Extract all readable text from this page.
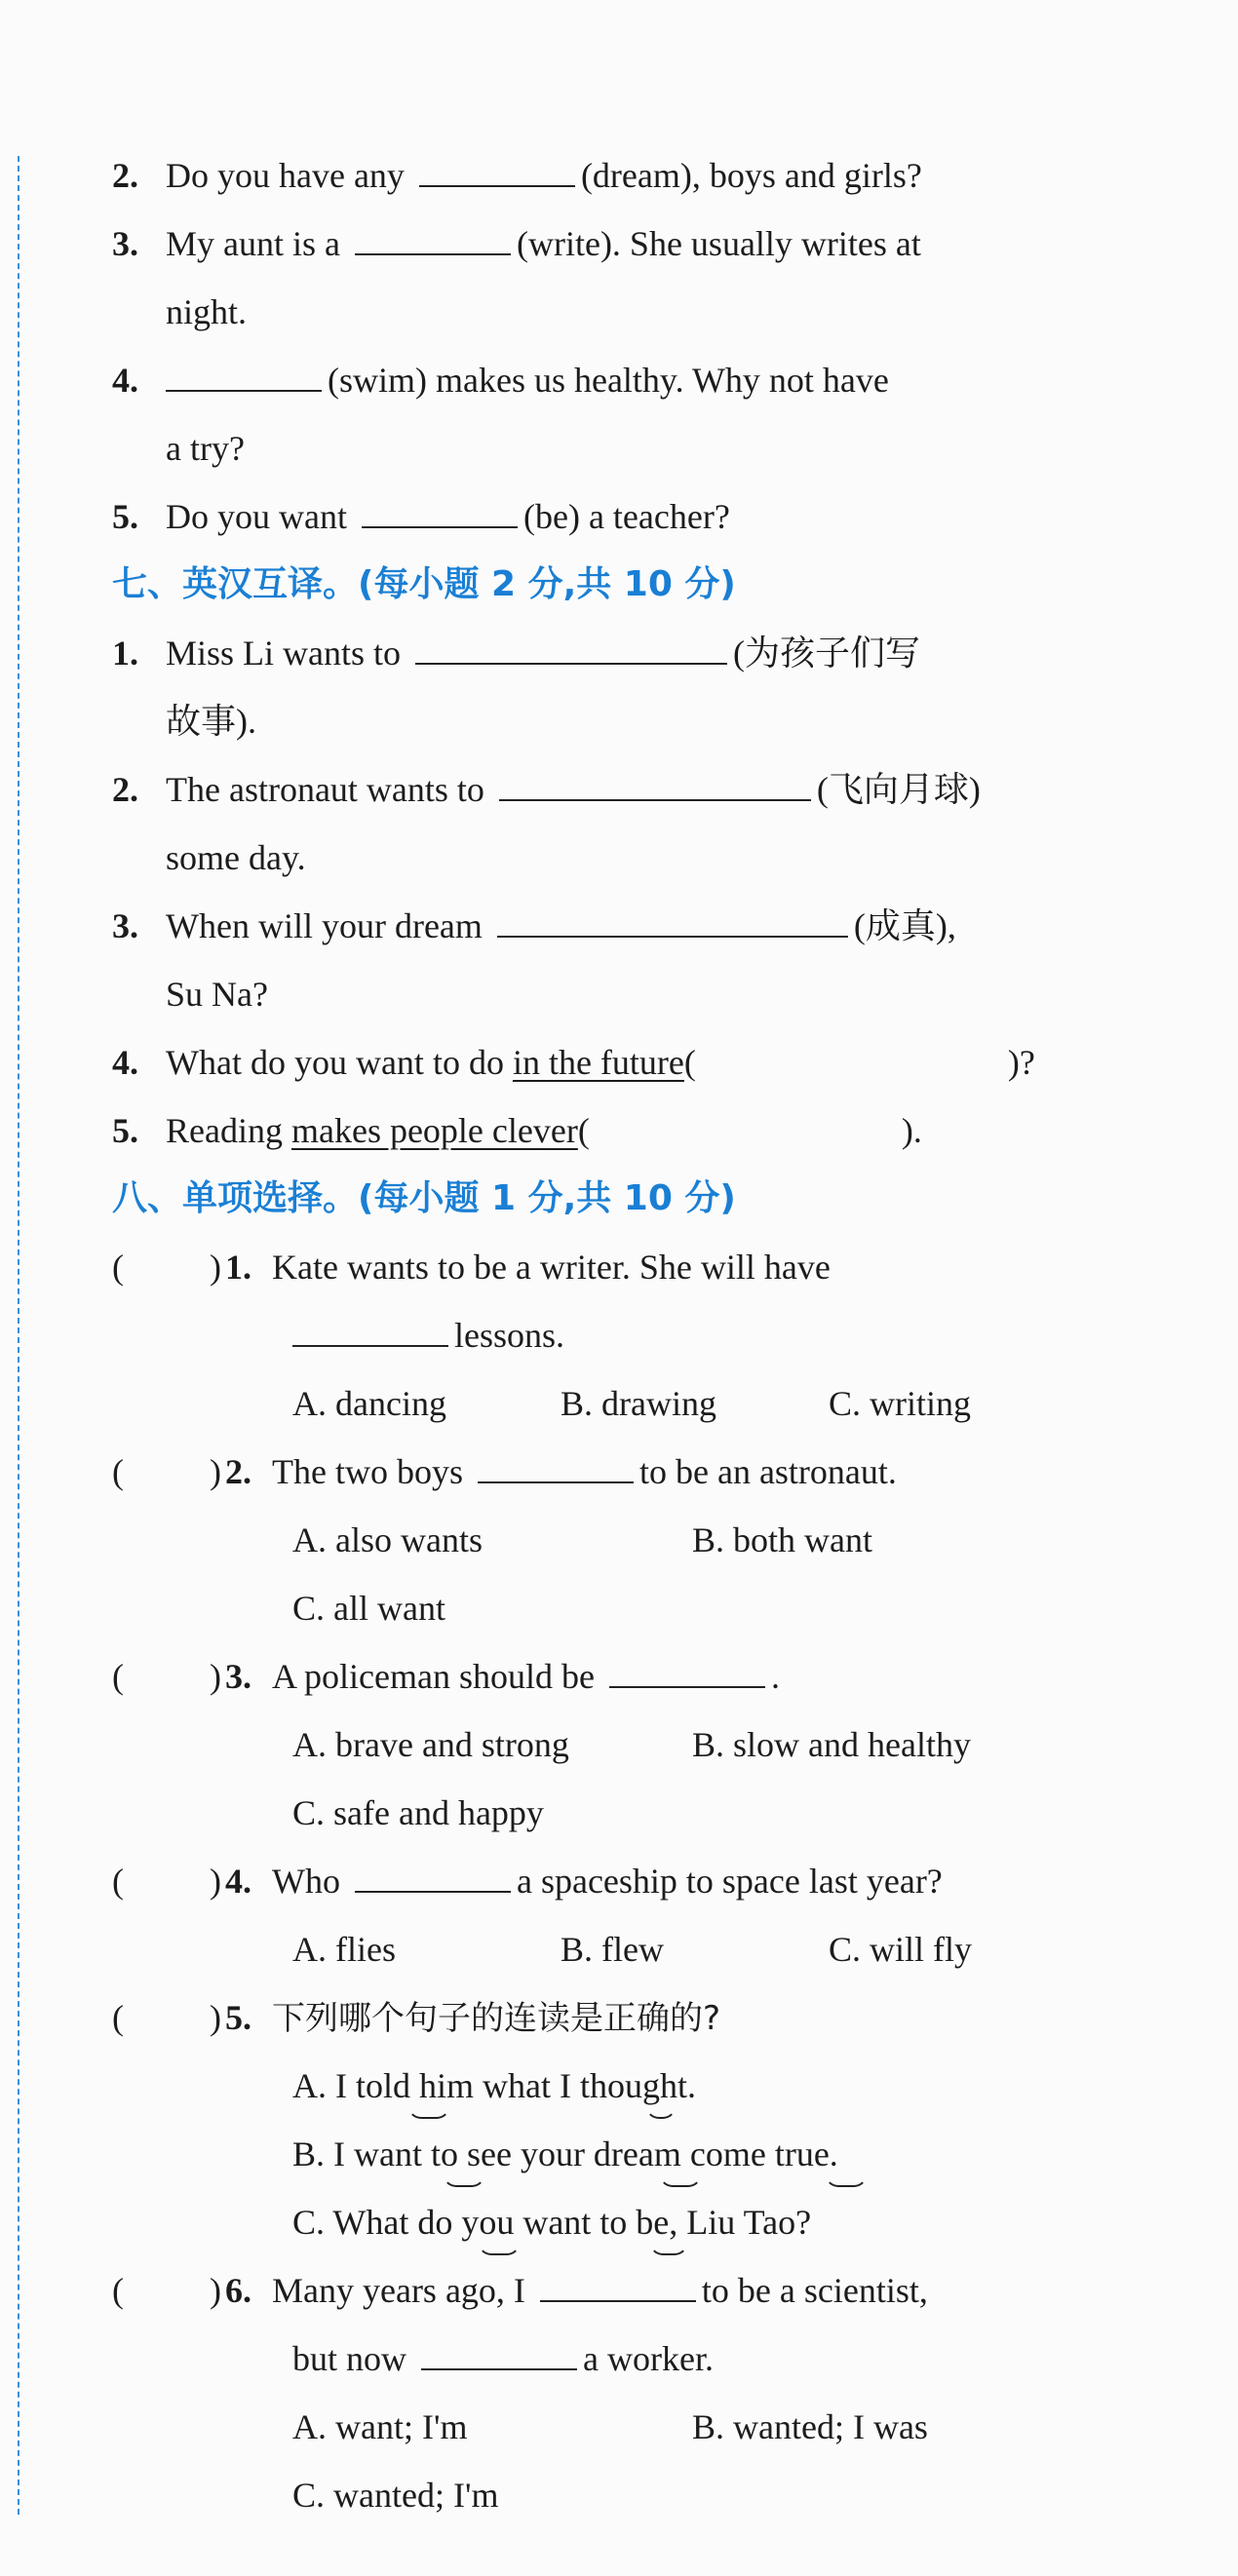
2. Do you have any	(dream), boys and girls?
3. My aunt is a	(write). She usually writes at
night.
4.	(swim) makes us healthy. Why not have
a try?
5. Do you want	(be) a teacher?
七、英汉互译。(每小题 2 分,共 10 分)
1. Miss Li wants to	(为孩子们写
故事).
2. The astronaut wants to	(飞向月球)
some day.
3. When will your dream	(成真),
Su Na?
4. What do you want to do in the future(	)?
5. Reading makes people clever(	).
八、单项选择。(每小题 1 分,共 10 分)
( ) 1. Kate wants to be a writer. She will have
lessons.
A. dancing	B. drawing	C. writing
( ) 2. The two boys	to be an astronaut.
A. also wants	B. both want
C. all want
( ) 3. A policeman should be	.
A. brave and strong	B. slow and healthy
C. safe and happy
( ) 4. Who	a spaceship to space last year?
A. flies	B. flew	C. will fly
( ) 5. 下列哪个句子的连读是正确的?
A. I told him what I thought.
B. I want to see your dream come true.
C. What do you want to be, Liu Tao?
( ) 6. Many years ago, I	to be a scientist,
but now	a worker.
A. want; I'm	B. wanted; I was
C. wanted; I'm
